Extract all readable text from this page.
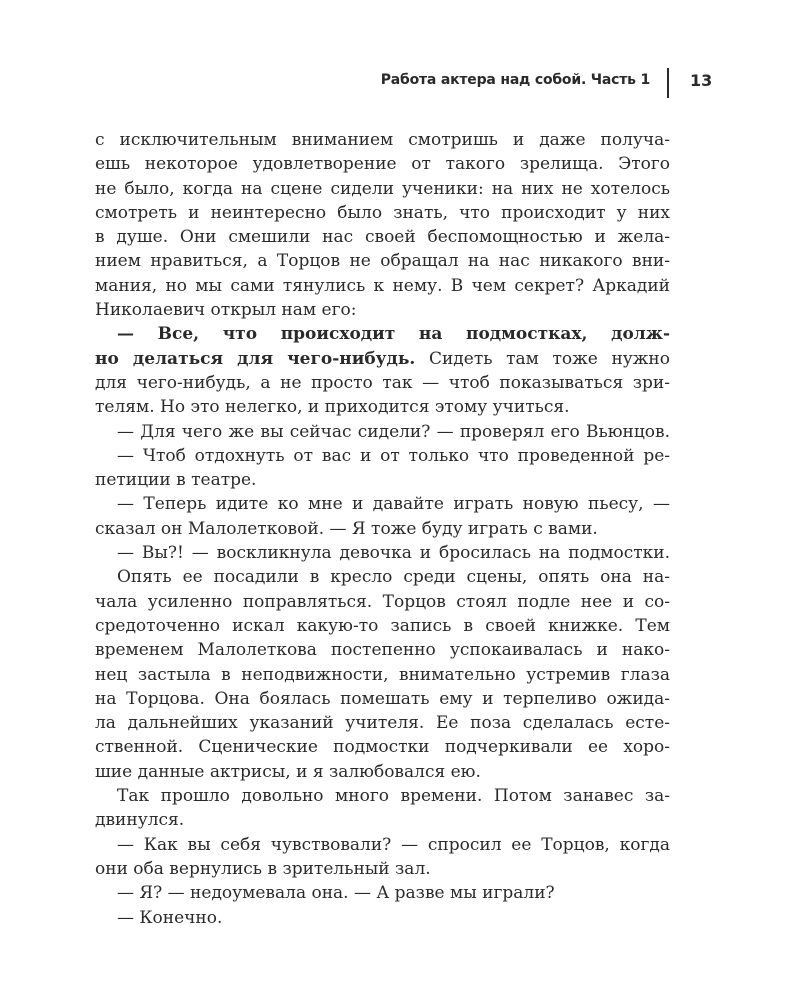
Работа актера над собой. Часть 1	13
с исключительным вниманием смотришь и даже получа-
ешь некоторое удовлетворение от такого зрелища. Этого
не было, когда на сцене сидели ученики: на них не хотелось
смотреть и неинтересно было знать, что происходит у них
в душе. Они смешили нас своей беспомощностью и жела-
нием нравиться, а Торцов не обращал на нас никакого вни-
мания, но мы сами тянулись к нему. В чем секрет? Аркадий
Николаевич открыл нам его:
— Все, что происходит на подмостках, долж-
но делаться для чего-нибудь. Сидеть там тоже нужно
для чего-нибудь, а не просто так — чтоб показываться зри-
телям. Но это нелегко, и приходится этому учиться.
— Для чего же вы сейчас сидели? — проверял его Вьюнцов.
— Чтоб отдохнуть от вас и от только что проведенной ре-
петиции в театре.
— Теперь идите ко мне и давайте играть новую пьесу, —
сказал он Малолетковой. — Я тоже буду играть с вами.
— Вы?! — воскликнула девочка и бросилась на подмостки.
Опять ее посадили в кресло среди сцены, опять она на-
чала усиленно поправляться. Торцов стоял подле нее и со-
средоточенно искал какую-то запись в своей книжке. Тем
временем Малолеткова постепенно успокаивалась и нако-
нец застыла в неподвижности, внимательно устремив глаза
на Торцова. Она боялась помешать ему и терпеливо ожида-
ла дальнейших указаний учителя. Ее поза сделалась есте-
ственной. Сценические подмостки подчеркивали ее хоро-
шие данные актрисы, и я залюбовался ею.
Так прошло довольно много времени. Потом занавес за-
двинулся.
— Как вы себя чувствовали? — спросил ее Торцов, когда
они оба вернулись в зрительный зал.
— Я? — недоумевала она. — А разве мы играли?
— Конечно.
